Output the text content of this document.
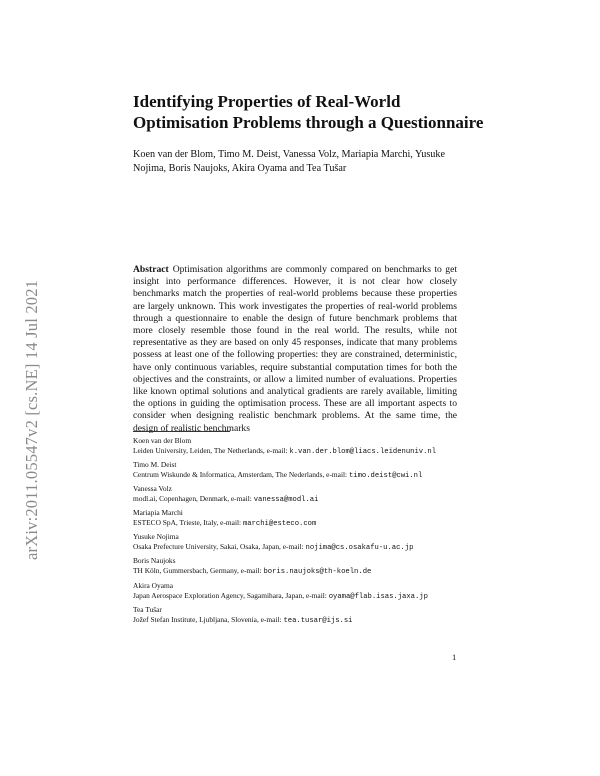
arXiv:2011.05547v2 [cs.NE] 14 Jul 2021
Identifying Properties of Real-World Optimisation Problems through a Questionnaire

Koen van der Blom, Timo M. Deist, Vanessa Volz, Mariapia Marchi, Yusuke Nojima, Boris Naujoks, Akira Oyama and Tea Tušar

Abstract Optimisation algorithms are commonly compared on benchmarks to get insight into performance differences. However, it is not clear how closely benchmarks match the properties of real-world problems because these properties are largely unknown. This work investigates the properties of real-world problems through a questionnaire to enable the design of future benchmark problems that more closely resemble those found in the real world. The results, while not representative as they are based on only 45 responses, indicate that many problems possess at least one of the following properties: they are constrained, deterministic, have only continuous variables, require substantial computation times for both the objectives and the constraints, or allow a limited number of evaluations. Properties like known optimal solutions and analytical gradients are rarely available, limiting the options in guiding the optimisation process. These are all important aspects to consider when designing realistic benchmark problems. At the same time, the design of realistic benchmarks

Koen van der Blom
Leiden University, Leiden, The Netherlands, e-mail: k.van.der.blom@liacs.leidenuniv.nl
Timo M. Deist
Centrum Wiskunde & Informatica, Amsterdam, The Nederlands, e-mail: timo.deist@cwi.nl
Vanessa Volz
modl.ai, Copenhagen, Denmark, e-mail: vanessa@modl.ai
Mariapia Marchi
ESTECO SpA, Trieste, Italy, e-mail: marchi@esteco.com
Yusuke Nojima
Osaka Prefecture University, Sakai, Osaka, Japan, e-mail: nojima@cs.osakafu-u.ac.jp
Boris Naujoks
TH Köln, Gummersbach, Germany, e-mail: boris.naujoks@th-koeln.de
Akira Oyama
Japan Aerospace Exploration Agency, Sagamihara, Japan, e-mail: oyama@flab.isas.jaxa.jp
Tea Tušar
Jožef Stefan Institute, Ljubljana, Slovenia, e-mail: tea.tusar@ijs.si
1
